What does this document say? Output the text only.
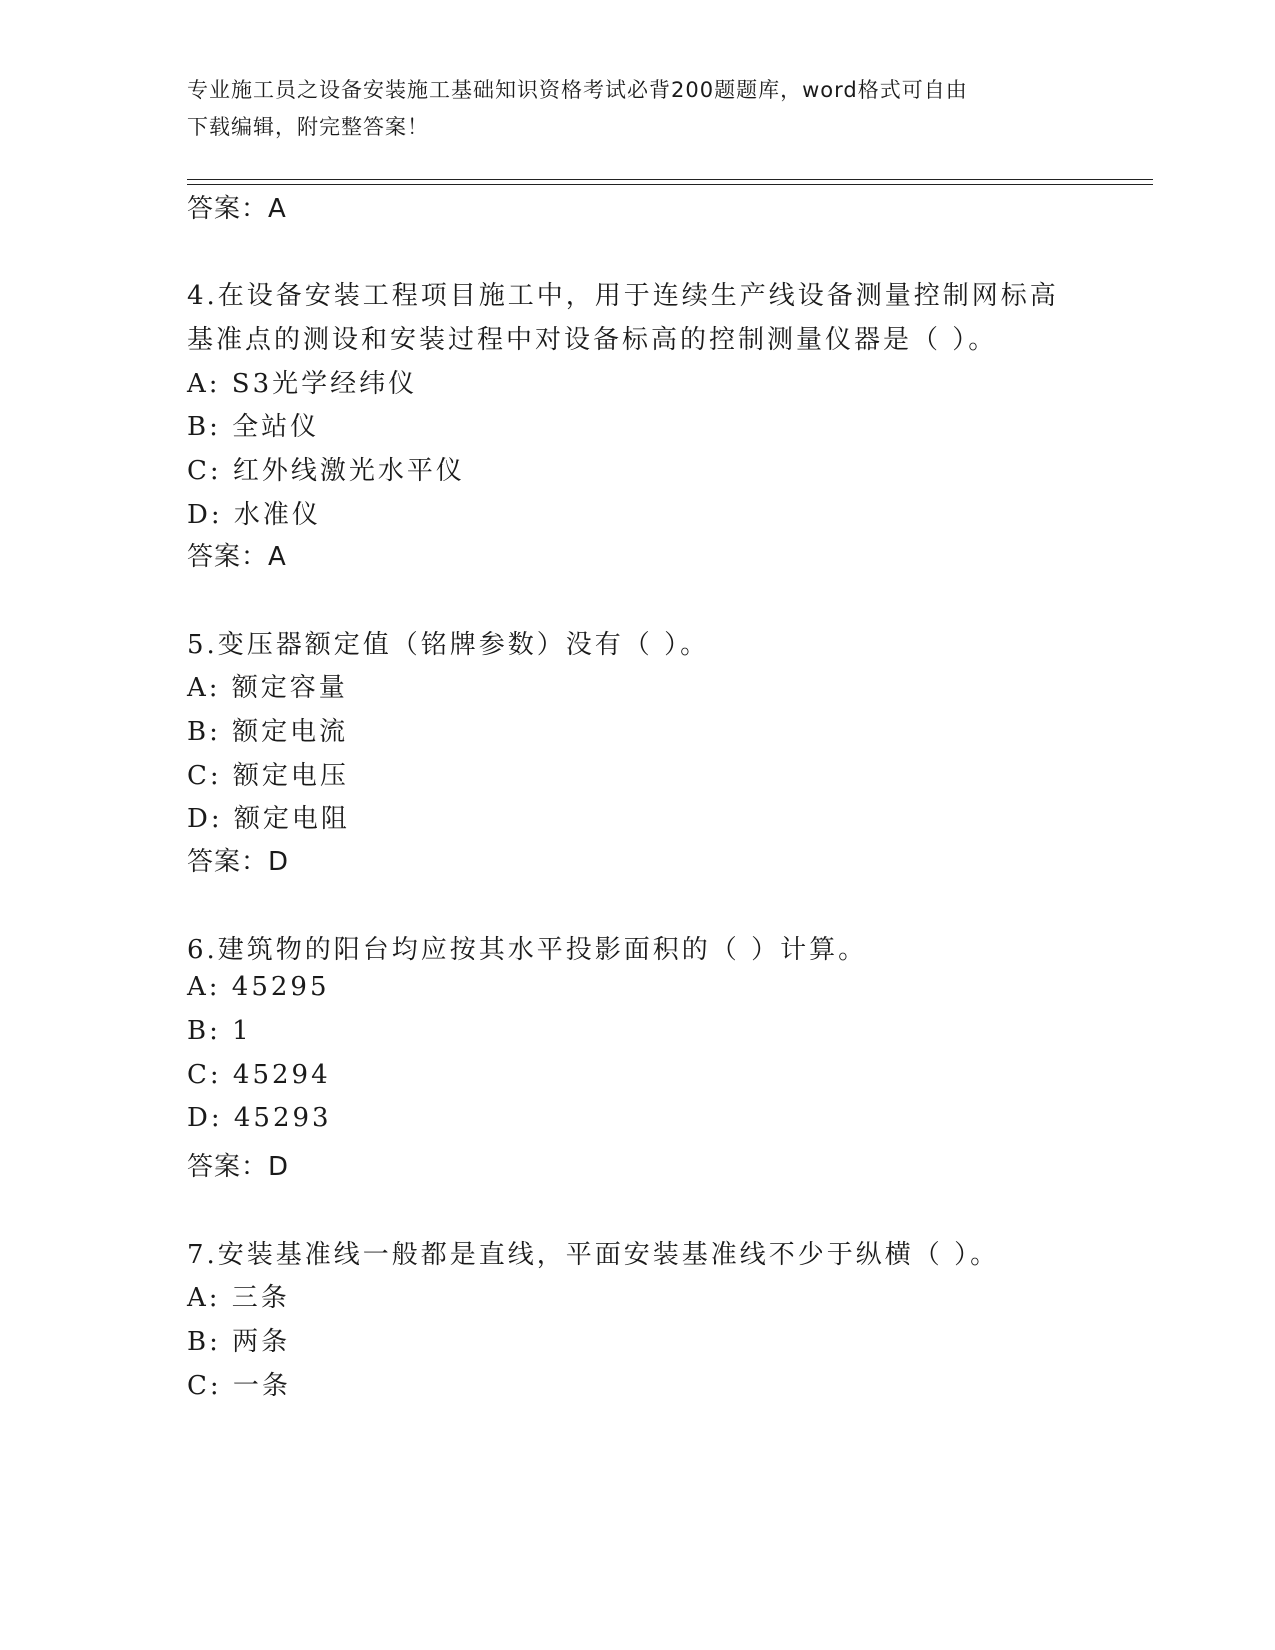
专业施工员之设备安装施工基础知识资格考试必背200题题库，word格式可自由
下载编辑，附完整答案！
答案：A
4.在设备安装工程项目施工中，用于连续生产线设备测量控制网标高
基准点的测设和安装过程中对设备标高的控制测量仪器是（ ）。
A: S3光学经纬仪
B: 全站仪
C: 红外线激光水平仪
D: 水准仪
答案：A
5.变压器额定值（铭牌参数）没有（ ）。
A: 额定容量
B: 额定电流
C: 额定电压
D: 额定电阻
答案：D
6.建筑物的阳台均应按其水平投影面积的（ ）计算。
A: 45295
B: 1
C: 45294
D: 45293
答案：D
7.安装基准线一般都是直线，平面安装基准线不少于纵横（ ）。
A: 三条
B: 两条
C: 一条
